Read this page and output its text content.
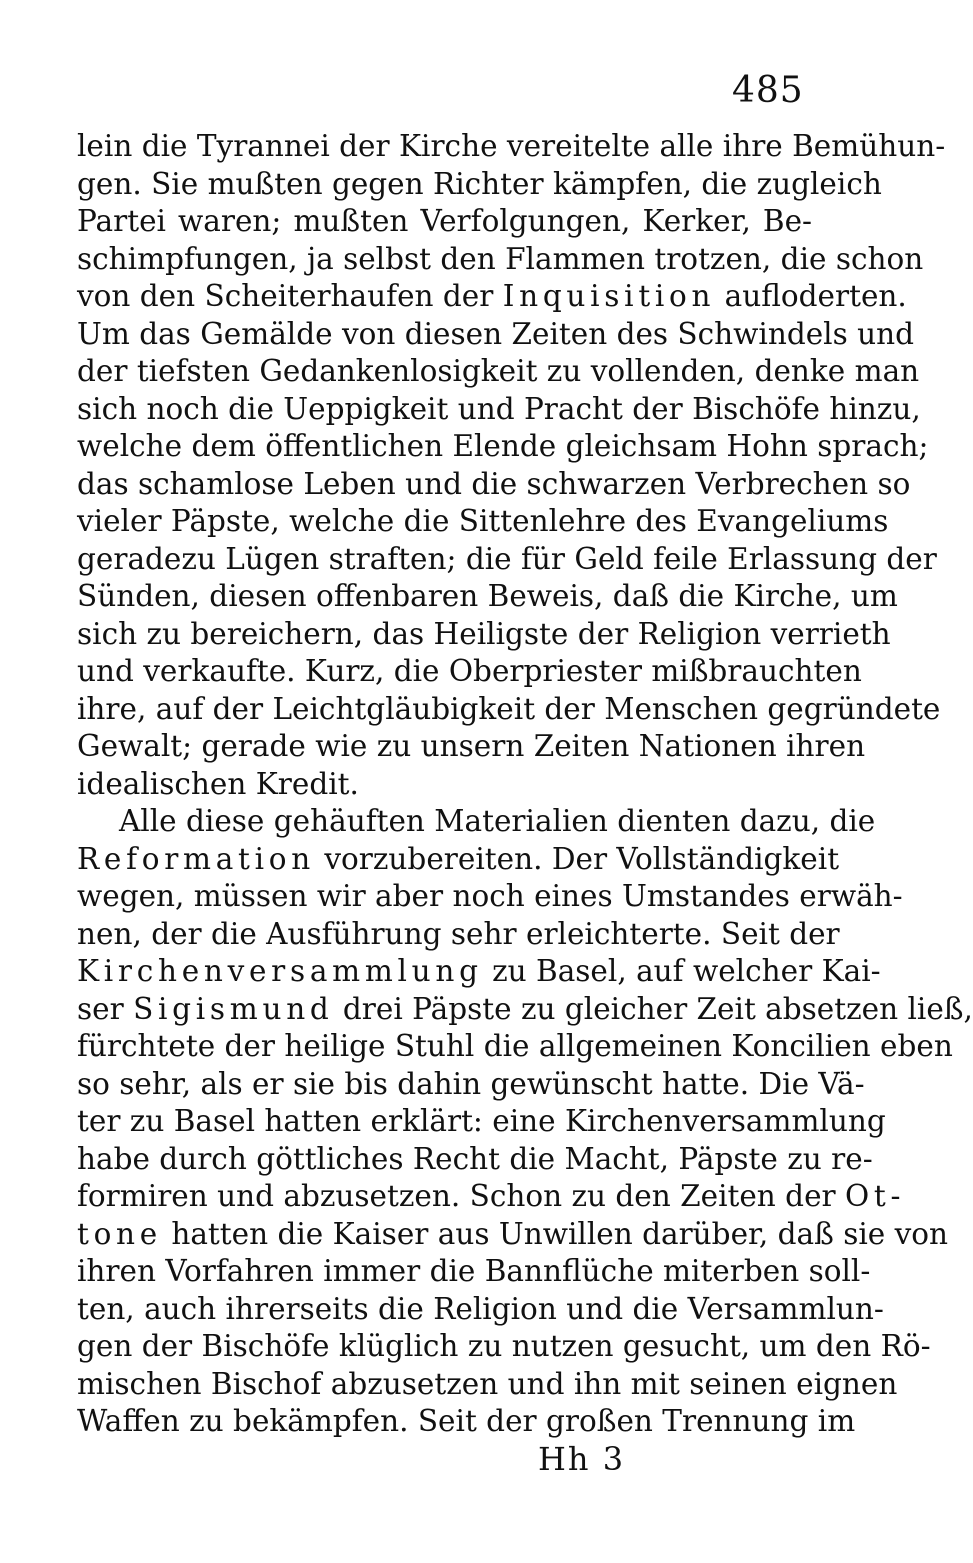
485
lein die Tyrannei der Kirche vereitelte alle ihre Bemühun-
gen. Sie mußten gegen Richter kämpfen, die zugleich
Partei waren; mußten Verfolgungen, Kerker, Be-
schimpfungen, ja selbst den Flammen trotzen, die schon
von den Scheiterhaufen der Inquisition aufloderten.
Um das Gemälde von diesen Zeiten des Schwindels und
der tiefsten Gedankenlosigkeit zu vollenden, denke man
sich noch die Ueppigkeit und Pracht der Bischöfe hinzu,
welche dem öffentlichen Elende gleichsam Hohn sprach;
das schamlose Leben und die schwarzen Verbrechen so
vieler Päpste, welche die Sittenlehre des Evangeliums
geradezu Lügen straften; die für Geld feile Erlassung der
Sünden, diesen offenbaren Beweis, daß die Kirche, um
sich zu bereichern, das Heiligste der Religion verrieth
und verkaufte. Kurz, die Oberpriester mißbrauchten
ihre, auf der Leichtgläubigkeit der Menschen gegründete
Gewalt; gerade wie zu unsern Zeiten Nationen ihren
idealischen Kredit.
Alle diese gehäuften Materialien dienten dazu, die
Reformation vorzubereiten. Der Vollständigkeit
wegen, müssen wir aber noch eines Umstandes erwäh-
nen, der die Ausführung sehr erleichterte. Seit der
Kirchenversammlung zu Basel, auf welcher Kai-
ser Sigismund drei Päpste zu gleicher Zeit absetzen ließ,
fürchtete der heilige Stuhl die allgemeinen Koncilien eben
so sehr, als er sie bis dahin gewünscht hatte. Die Vä-
ter zu Basel hatten erklärt: eine Kirchenversammlung
habe durch göttliches Recht die Macht, Päpste zu re-
formiren und abzusetzen. Schon zu den Zeiten der Ot-
tone hatten die Kaiser aus Unwillen darüber, daß sie von
ihren Vorfahren immer die Bannflüche miterben soll-
ten, auch ihrerseits die Religion und die Versammlun-
gen der Bischöfe klüglich zu nutzen gesucht, um den Rö-
mischen Bischof abzusetzen und ihn mit seinen eignen
Waffen zu bekämpfen. Seit der großen Trennung im
Hh 3
